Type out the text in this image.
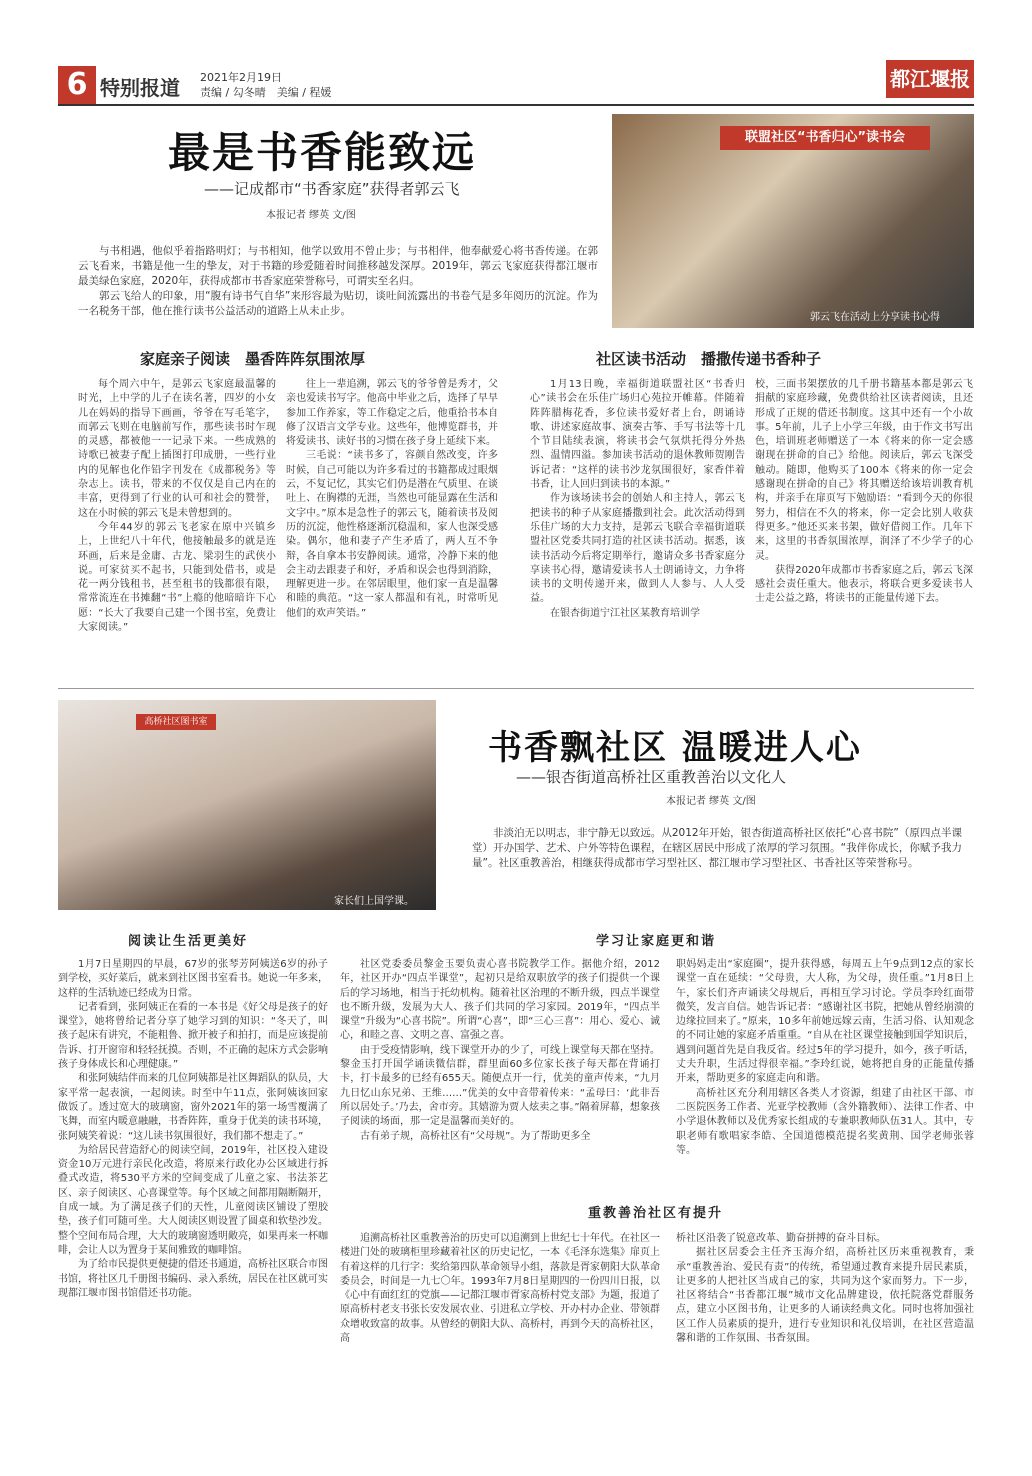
6 特别报道 2021年2月19日
责编 / 勾冬晴　美编 / 程媛
都江堰报
最是书香能致远
——记成都市“书香家庭”获得者郭云飞
本报记者 缪英 文/图

与书相遇，他似乎着指路明灯；与书相知，他学以致用不曾止步；与书相伴，他奉献爱心将书香传递。在郭云飞看来，书籍是他一生的挚友，对于书籍的珍爱随着时间推移越发深厚。2019年，郭云飞家庭获得都江堰市最美绿色家庭，2020年，获得成都市书香家庭荣誉称号，可谓实至名归。

郭云飞给人的印象，用“腹有诗书气自华”来形容最为贴切，谈吐间流露出的书卷气是多年阅历的沉淀。作为一名税务干部，他在推行读书公益活动的道路上从未止步。

联盟社区“书香归心”读书会
郭云飞在活动上分享读书心得
家庭亲子阅读　墨香阵阵氛围浓厚

每个周六中午，是郭云飞家庭最温馨的时光，上中学的儿子在读名著，四岁的小女儿在妈妈的指导下画画，爷爷在写毛笔字，而郭云飞则在电脑前写作，那些读书时乍现的灵感，都被他一一记录下来。一些成熟的诗歌已被妻子配上插图打印成册，一些行业内的见解也化作铅字刊发在《成都税务》等杂志上。读书，带来的不仅仅是自己内在的丰富，更得到了行业的认可和社会的赞誉，这在小时候的郭云飞是未曾想到的。

今年44岁的郭云飞老家在原中兴镇乡上，上世纪八十年代，他接触最多的就是连环画，后来是金庸、古龙、梁羽生的武侠小说。可家贫买不起书，只能到处借书，或是花一两分钱租书，甚至租书的钱都很有限，常常流连在书摊翻“书”上瘾的他暗暗许下心愿：“长大了我要自己建一个图书室，免费让大家阅读。”

往上一辈追溯，郭云飞的爷爷曾是秀才，父亲也爱读书写字。他高中毕业之后，选择了早早参加工作养家，等工作稳定之后，他重拾书本自修了汉语言文学专业。这些年，他博览群书，并将爱读书、读好书的习惯在孩子身上延续下来。

三毛说：“读书多了，容颜自然改变，许多时候，自己可能以为许多看过的书籍都成过眼烟云，不复记忆，其实它们仍是潜在气质里、在谈吐上、在胸襟的无涯，当然也可能显露在生活和文字中。”原本是急性子的郭云飞，随着读书及阅历的沉淀，他性格逐渐沉稳温和，家人也深受感染。偶尔，他和妻子产生矛盾了，两人互不争辩，各自拿本书安静阅读。通常，冷静下来的他会主动去跟妻子和好，矛盾和误会也得到消除，理解更进一步。在邻居眼里，他们家一直是温馨和睦的典范。“这一家人都温和有礼，时常听见他们的欢声笑语。”

社区读书活动　播撒传递书香种子

1月13日晚，幸福街道联盟社区“书香归心”读书会在乐佳广场归心苑拉开帷幕。伴随着阵阵腊梅花香，多位读书爱好者上台，朗诵诗歌、讲述家庭故事、演奏古筝、手写书法等十几个节目陆续表演，将读书会气氛烘托得分外热烈、温情四溢。参加读书活动的退休教师贺刚告诉记者：“这样的读书沙龙氛围很好，家香伴着书香，让人回归到读书的本源。”

作为该场读书会的创始人和主持人，郭云飞把读书的种子从家庭播撒到社会。此次活动得到乐佳广场的大力支持，是郭云飞联合幸福街道联盟社区党委共同打造的社区读书活动。据悉，该读书活动今后将定期举行，邀请众多书香家庭分享读书心得，邀请爱读书人士朗诵诗文，力争将读书的文明传递开来，做到人人参与、人人受益。

在银杏街道宁江社区某教育培训学

校，三面书架摆放的几千册书籍基本都是郭云飞捐献的家庭珍藏，免费供给社区读者阅读，且还形成了正规的借还书制度。这其中还有一个小故事。5年前，儿子上小学三年级，由于作文书写出色，培训班老师赠送了一本《将来的你一定会感谢现在拼命的自己》给他。阅读后，郭云飞深受触动。随即，他购买了100本《将来的你一定会感谢现在拼命的自己》将其赠送给该培训教育机构，并亲手在扉页写下勉励语：“看到今天的你很努力，相信在不久的将来，你一定会比别人收获得更多。”他还买来书架，做好借阅工作。几年下来，这里的书香氛围浓厚，润泽了不少学子的心灵。

获得2020年成都市书香家庭之后，郭云飞深感社会责任重大。他表示，将联合更多爱读书人士走公益之路，将读书的正能量传递下去。

高桥社区图书室
家长们上国学课。
书香飘社区 温暖进人心
——银杏街道高桥社区重教善治以文化人
本报记者 缪英 文/图

非淡泊无以明志，非宁静无以致远。从2012年开始，银杏街道高桥社区依托“心喜书院”（原四点半课堂）开办国学、艺术、户外等特色课程，在辖区居民中形成了浓厚的学习氛围。“我伴你成长，你赋予我力量”。社区重教善治，相继获得成都市学习型社区、都江堰市学习型社区、书香社区等荣誉称号。

阅读让生活更美好

1月7日星期四的早晨，67岁的张琴芳阿姨送6岁的孙子到学校，买好菜后，就来到社区图书室看书。她说一年多来，这样的生活轨迹已经成为日常。

记者看到，张阿姨正在看的一本书是《好父母是孩子的好课堂》，她将曾给记者分享了她学习到的知识：“冬天了，叫孩子起床有讲究，不能粗鲁、掀开被子和拍打，而是应该提前告诉、打开窗帘和轻轻抚摸。否则，不正确的起床方式会影响孩子身体成长和心理健康。”

和张阿姨结伴而来的几位阿姨都是社区舞蹈队的队员，大家平常一起表演，一起阅读。时至中午11点，张阿姨该回家做饭了。透过宽大的玻璃窗，窗外2021年的第一场雪覆满了飞舞，而室内暖意融融，书香阵阵，重身于优美的读书环境，张阿姨笑着说：“这儿读书氛围很好，我们都不想走了。”

为给居民营造舒心的阅读空间，2019年，社区投入建设资金10万元进行亲民化改造，将原来行政化办公区域进行拆叠式改造，将530平方米的空间变成了儿童之家、书法茶艺区、亲子阅读区、心喜课堂等。每个区域之间都用隔断隔开，自成一域。为了满足孩子们的天性，儿童阅读区铺设了塑胶垫，孩子们可随可坐。大人阅读区则设置了圆桌和软垫沙发。整个空间布局合理，大大的玻璃窗透明敞亮，如果再来一杯咖啡，会让人以为置身于某间雅致的咖啡馆。

为了给市民提供更便捷的借还书通道，高桥社区联合市图书馆，将社区几千册图书编码、录入系统，居民在社区就可实现都江堰市图书馆借还书功能。

学习让家庭更和谐

社区党委委员黎金玉要负责心喜书院教学工作。据他介绍，2012年，社区开办“四点半课堂”，起初只是给双职放学的孩子们提供一个课后的学习场地，相当于托幼机构。随着社区治理的不断升级，四点半课堂也不断升级，发展为大人、孩子们共同的学习家园。2019年，“四点半课堂”升级为“心喜书院”。所谓“心喜”，即“三心三喜”：用心、爱心、诚心，和睦之喜、文明之喜、富强之喜。

由于受疫情影响，线下课堂开办的少了，可线上课堂每天都在坚持。黎金玉打开国学诵读微信群，群里面60多位家长孩子每天都在背诵打卡，打卡最多的已经有655天。随便点开一行，优美的童声传来，“九月九日忆山东兄弟、王维……”优美的女中音带着传来：“孟母曰：‘此非吾所以居处子。’乃去，舍市旁。其嬉游为贾人炫卖之事。”隔着屏幕，想象孩子阅读的场面，那一定是温馨而美好的。

古有弟子规，高桥社区有“父母规”。为了帮助更多全

职妈妈走出“家庭圈”，提升获得感，每周五上午9点到12点的家长课堂一直在延续：“父母贵，大人称，为父母，贵任重。”1月8日上午，家长们齐声诵读父母规后，再相互学习讨论。学员李玲红面带微笑，发言自信。她告诉记者：“感谢社区书院，把她从曾经崩溃的边缘拉回来了。”原来，10多年前她远嫁云南，生活习俗、认知观念的不同让她的家庭矛盾重重。“自从在社区课堂接触到国学知识后，遇到问题首先是自我反省。经过5年的学习提升，如今，孩子听话，丈夫升职，生活过得很幸福。”李玲红说，她将把自身的正能量传播开来，帮助更多的家庭走向和谐。

高桥社区充分利用辖区各类人才资源，组建了由社区干部、市二医院医务工作者、光亚学校教师（含外籍教师）、法律工作者、中小学退休教师以及优秀家长组成的专兼职教师队伍31人。其中，专职老师有歌唱家李皓、全国道德模范提名奖黄荆、国学老师张蓉等。

重教善治社区有提升

追溯高桥社区重教善治的历史可以追溯到上世纪七十年代。在社区一楼进门处的玻璃柜里珍藏着社区的历史记忆，一本《毛泽东选集》扉页上有着这样的几行字：奖给第四队革命领导小组，落款是胥家朝阳大队革命委员会，时间是一九七〇年。1993年7月8日星期四的一份四川日报，以《心中有面红红的党旗——记都江堰市胥家高桥村党支部》为题，报道了原高桥村老支书张长安发展农业、引进私立学校、开办村办企业、带领群众增收致富的故事。从曾经的朝阳大队、高桥村，再到今天的高桥社区，高

桥社区沿袭了锐意改革、勤奋拼搏的奋斗目标。

据社区居委会主任齐玉海介绍，高桥社区历来重视教育，秉承“重教善治、爱民有责”的传统，希望通过教育来提升居民素质，让更多的人把社区当成自己的家，共同为这个家而努力。下一步，社区将结合“书香都江堰”城市文化品牌建设，依托院落党群服务点，建立小区图书角，让更多的人诵读经典文化。同时也将加强社区工作人员素质的提升，进行专业知识和礼仪培训，在社区营造温馨和谐的工作氛围、书香氛围。
